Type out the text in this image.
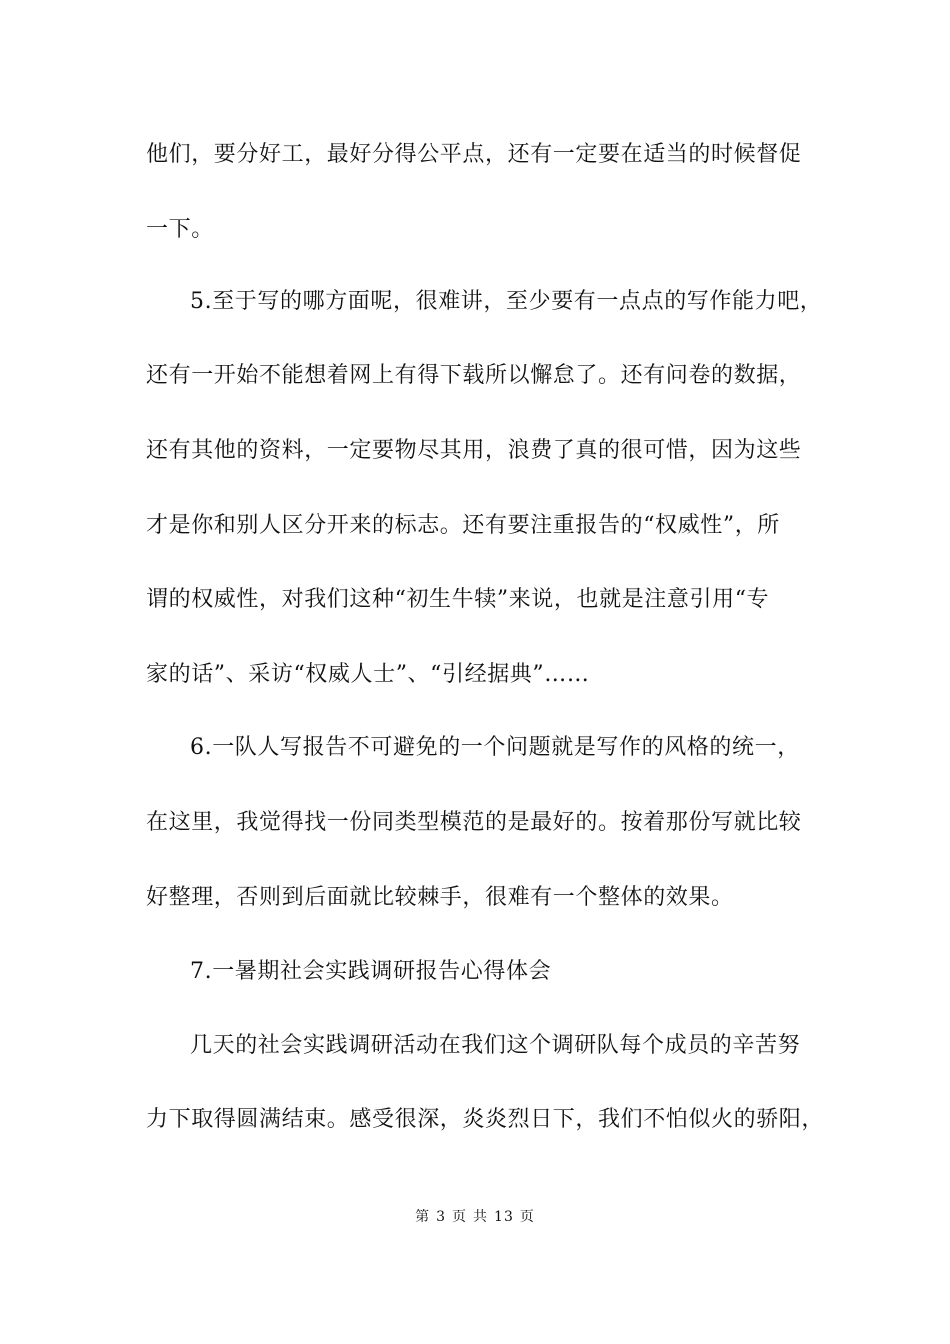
他们，要分好工，最好分得公平点，还有一定要在适当的时候督促
一下。
5.至于写的哪方面呢，很难讲，至少要有一点点的写作能力吧，
还有一开始不能想着网上有得下载所以懈怠了。还有问卷的数据，
还有其他的资料，一定要物尽其用，浪费了真的很可惜，因为这些
才是你和别人区分开来的标志。还有要注重报告的“权威性”，所
谓的权威性，对我们这种“初生牛犊”来说，也就是注意引用“专
家的话”、采访“权威人士”、“引经据典”……
6.一队人写报告不可避免的一个问题就是写作的风格的统一，
在这里，我觉得找一份同类型模范的是最好的。按着那份写就比较
好整理，否则到后面就比较棘手，很难有一个整体的效果。
7.一暑期社会实践调研报告心得体会
几天的社会实践调研活动在我们这个调研队每个成员的辛苦努
力下取得圆满结束。感受很深，炎炎烈日下，我们不怕似火的骄阳，
第 3 页 共 13 页
